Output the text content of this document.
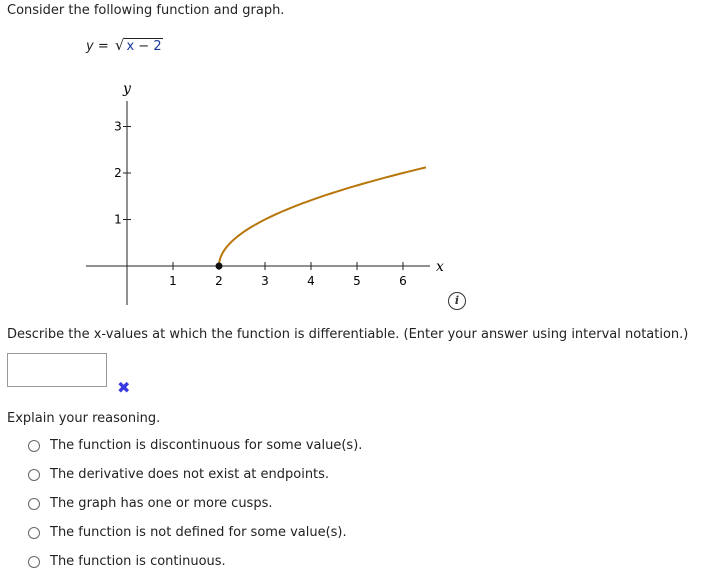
Consider the following function and graph.
y = √ x − 2
y
x
1	2	3	4	5	6
1
2
3
i
Describe the x-values at which the function is differentiable. (Enter your answer using interval notation.)
✖
Explain your reasoning.
The function is discontinuous for some value(s).
The derivative does not exist at endpoints.
The graph has one or more cusps.
The function is not defined for some value(s).
The function is continuous.
